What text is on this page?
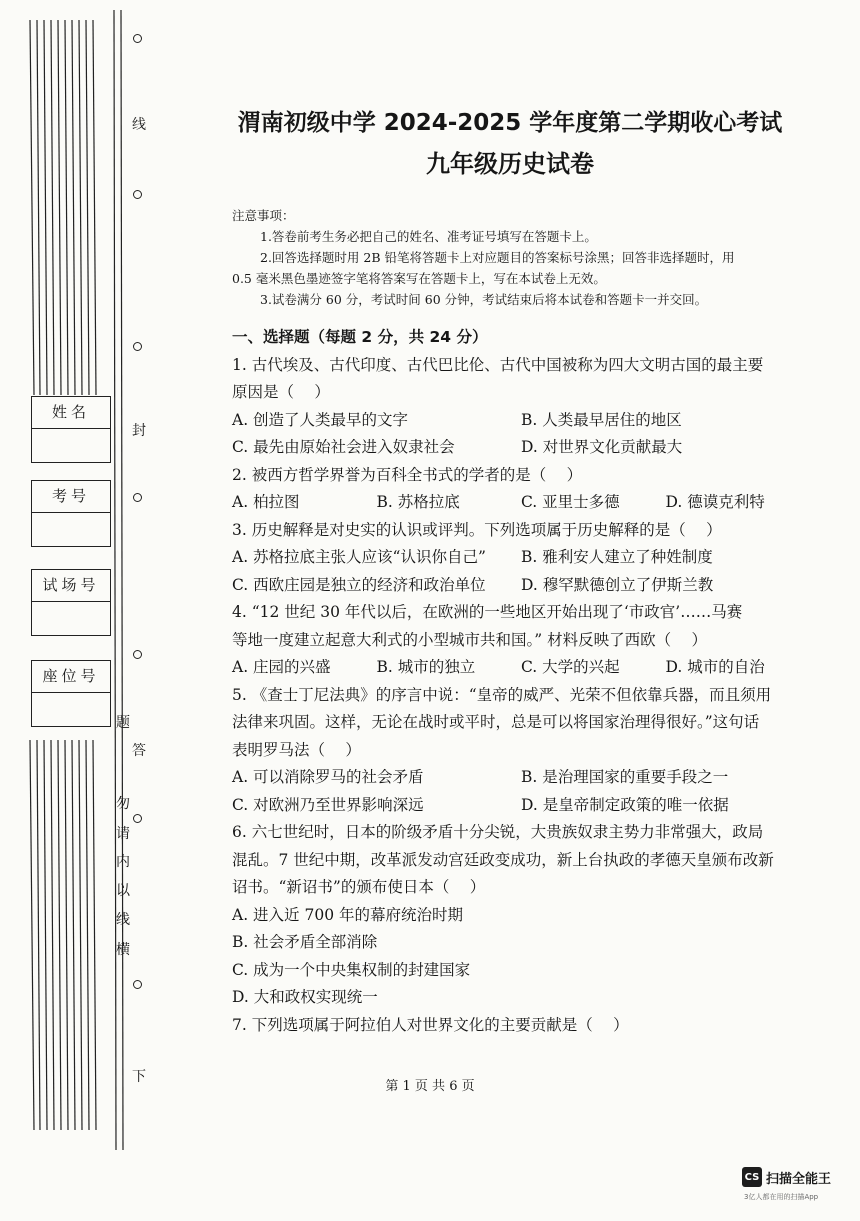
姓名
考号
试场号
座位号
线
封
题
答
勿
请
内
以
线
横
下
渭南初级中学 2024-2025 学年度第二学期收心考试
九年级历史试卷
注意事项：
1.答卷前考生务必把自己的姓名、准考证号填写在答题卡上。
2.回答选择题时用 2B 铅笔将答题卡上对应题目的答案标号涂黑；回答非选择题时，用
0.5 毫米黑色墨迹签字笔将答案写在答题卡上，写在本试卷上无效。
3.试卷满分 60 分，考试时间 60 分钟，考试结束后将本试卷和答题卡一并交回。
一、选择题（每题 2 分，共 24 分）
1. 古代埃及、古代印度、古代巴比伦、古代中国被称为四大文明古国的最主要
原因是（　 ）
A. 创造了人类最早的文字	B. 人类最早居住的地区
C. 最先由原始社会进入奴隶社会	D. 对世界文化贡献最大
2. 被西方哲学界誉为百科全书式的学者的是（　 ）
A. 柏拉图	B. 苏格拉底	C. 亚里士多德	D. 德谟克利特
3. 历史解释是对史实的认识或评判。下列选项属于历史解释的是（　 ）
A. 苏格拉底主张人应该“认识你自己”	B. 雅利安人建立了种姓制度
C. 西欧庄园是独立的经济和政治单位	D. 穆罕默德创立了伊斯兰教
4. “12 世纪 30 年代以后，在欧洲的一些地区开始出现了‘市政官’……马赛
等地一度建立起意大利式的小型城市共和国。” 材料反映了西欧（　 ）
A. 庄园的兴盛	B. 城市的独立	C. 大学的兴起	D. 城市的自治
5. 《查士丁尼法典》的序言中说：“皇帝的威严、光荣不但依靠兵器，而且须用
法律来巩固。这样，无论在战时或平时，总是可以将国家治理得很好。”这句话
表明罗马法（　 ）
A. 可以消除罗马的社会矛盾	B. 是治理国家的重要手段之一
C. 对欧洲乃至世界影响深远	D. 是皇帝制定政策的唯一依据
6. 六七世纪时，日本的阶级矛盾十分尖锐，大贵族奴隶主势力非常强大，政局
混乱。7 世纪中期，改革派发动宫廷政变成功，新上台执政的孝德天皇颁布改新
诏书。“新诏书”的颁布使日本（　 ）
A. 进入近 700 年的幕府统治时期
B. 社会矛盾全部消除
C. 成为一个中央集权制的封建国家
D. 大和政权实现统一
7. 下列选项属于阿拉伯人对世界文化的主要贡献是（　 ）
第 1 页 共 6 页
CS 扫描全能王
3亿人都在用的扫描App
